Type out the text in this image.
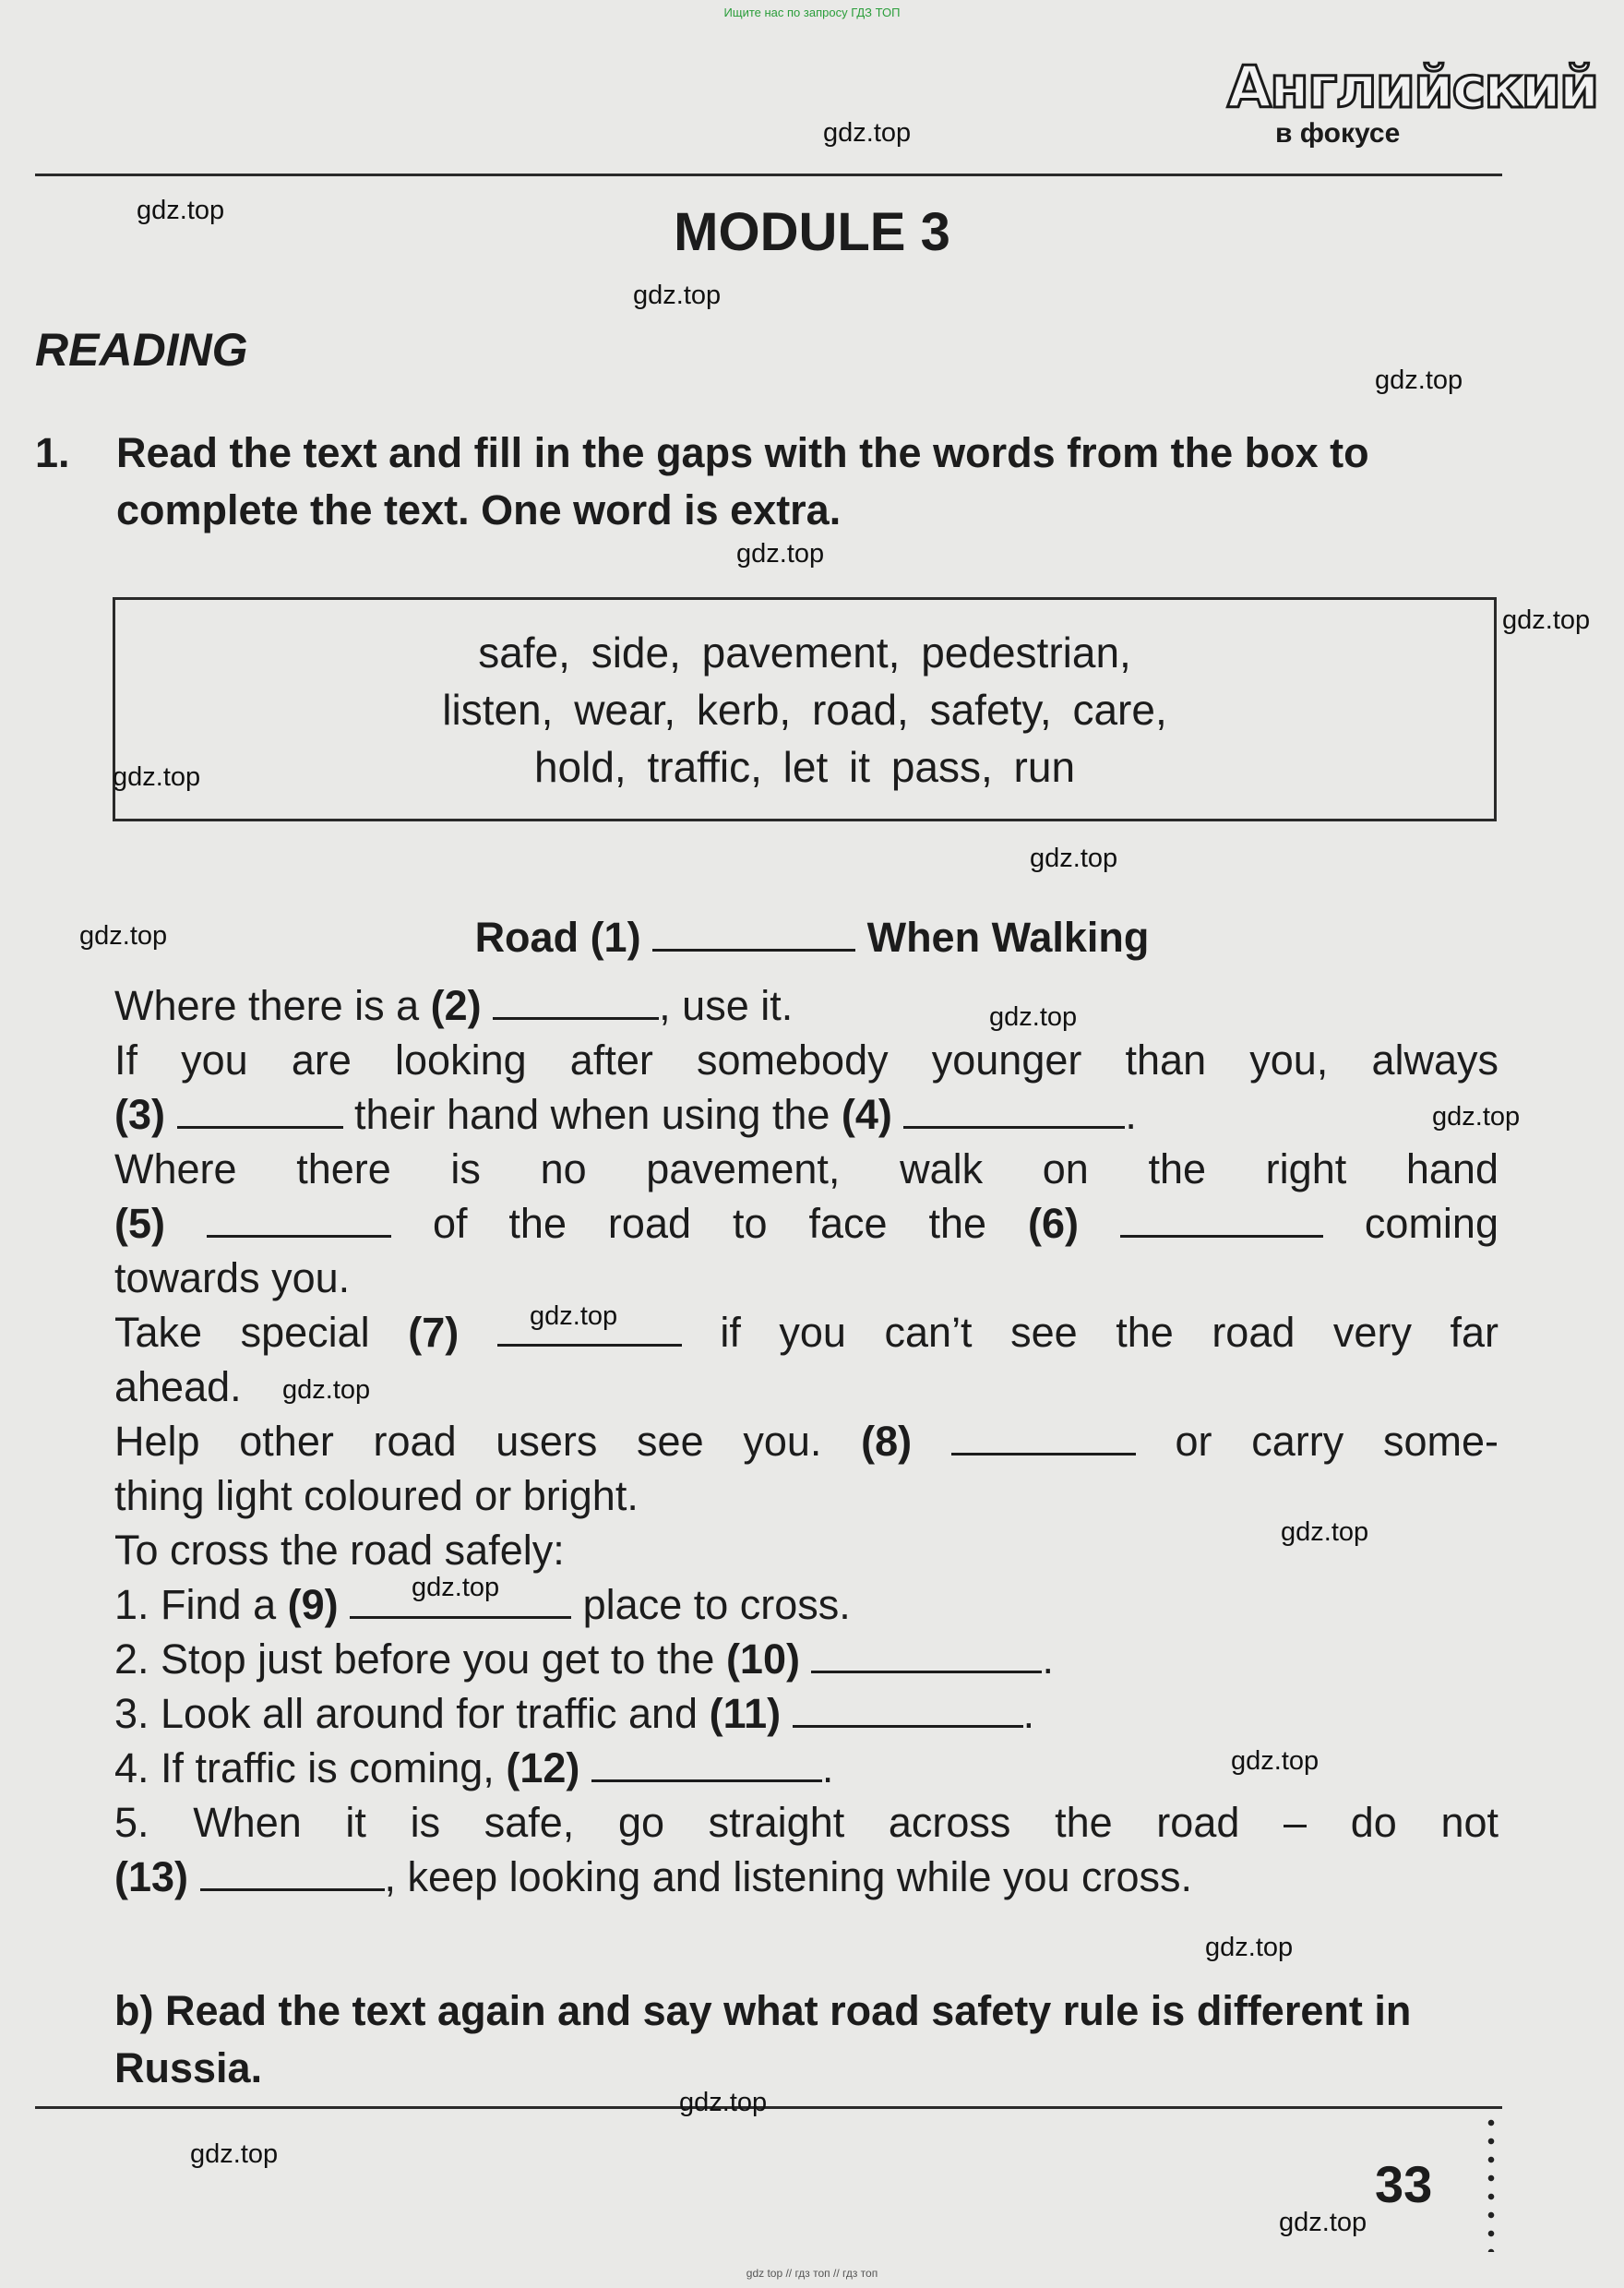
Ищите нас по запросу ГДЗ ТОП
Английский
в фокусе
MODULE 3
READING
1. Read the text and fill in the gaps with the words from the box to complete the text. One word is extra.
safe, side, pavement, pedestrian,
listen, wear, kerb, road, safety, care,
hold, traffic, let it pass, run
Road (1)	When Walking

Where there is a (2)	, use it.

If you are looking after somebody younger than you, always

(3)	their hand when using the (4)	.

Where there is no pavement, walk on the right hand

(5)	of the road to face the (6)	coming

towards you.

Take special (7)	if you can’t see the road very far

ahead.

Help other road users see you. (8)	or carry some-

thing light coloured or bright.

To cross the road safely:

1. Find a (9)	place to cross.

2. Stop just before you get to the (10)	.

3. Look all around for traffic and (11)	.

4. If traffic is coming, (12)	.

5. When it is safe, go straight across the road – do not

(13)	, keep looking and listening while you cross.

b) Read the text again and say what road safety rule is different in Russia.
33
gdz.top
gdz.top
gdz.top
gdz.top
gdz.top
gdz.top
gdz.top
gdz.top
gdz.top
gdz.top
gdz.top
gdz.top
gdz.top
gdz.top
gdz.top
gdz.top
gdz.top
gdz.top
gdz.top
gdz.top
gdz top // гдз топ // гдз топ
